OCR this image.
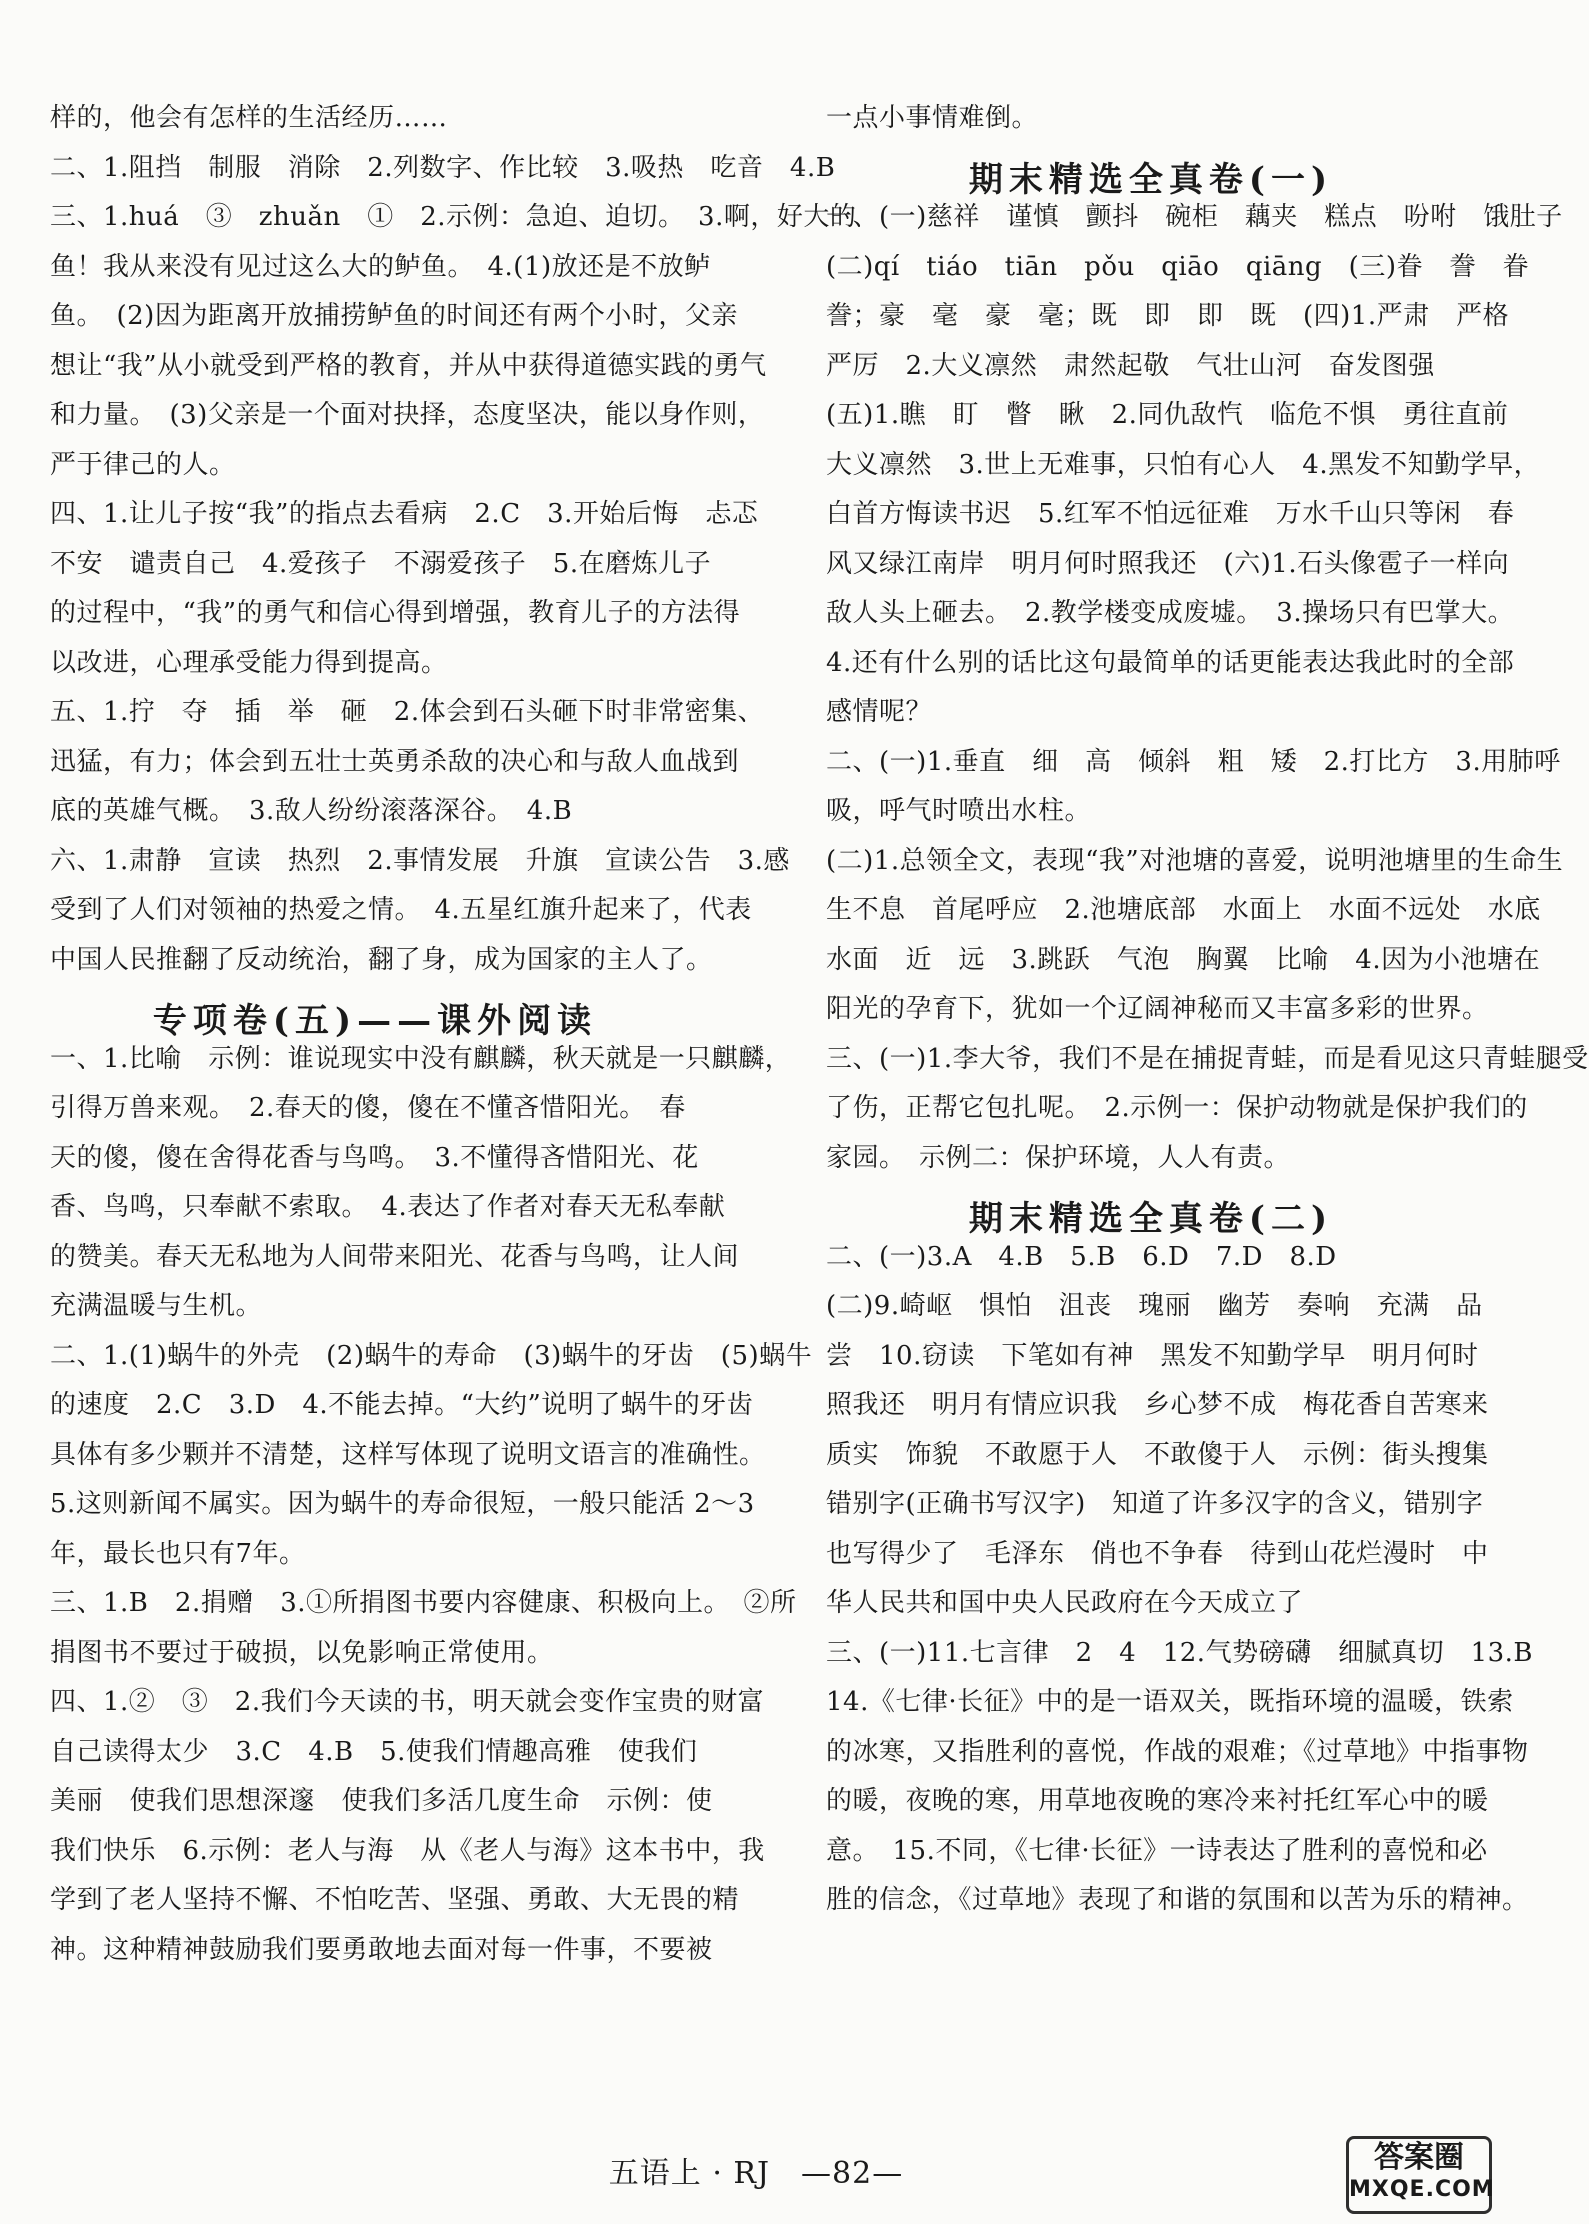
样的，他会有怎样的生活经历……
二、1.阻挡　制服　消除　2.列数字、作比较　3.吸热　吃音　4.B
三、1.huá　③　zhuǎn　①　2.示例：急迫、迫切。　3.啊，好大的
鱼！我从来没有见过这么大的鲈鱼。　4.(1)放还是不放鲈
鱼。　(2)因为距离开放捕捞鲈鱼的时间还有两个小时，父亲
想让“我”从小就受到严格的教育，并从中获得道德实践的勇气
和力量。　(3)父亲是一个面对抉择，态度坚决，能以身作则，
严于律己的人。
四、1.让儿子按“我”的指点去看病　2.C　3.开始后悔　忐忑
不安　谴责自己　4.爱孩子　不溺爱孩子　5.在磨炼儿子
的过程中，“我”的勇气和信心得到增强，教育儿子的方法得
以改进，心理承受能力得到提高。
五、1.拧　夺　插　举　砸　2.体会到石头砸下时非常密集、
迅猛，有力；体会到五壮士英勇杀敌的决心和与敌人血战到
底的英雄气概。　3.敌人纷纷滚落深谷。　4.B
六、1.肃静　宣读　热烈　2.事情发展　升旗　宣读公告　3.感
受到了人们对领袖的热爱之情。　4.五星红旗升起来了，代表
中国人民推翻了反动统治，翻了身，成为国家的主人了。
专项卷(五)——课外阅读
一、1.比喻　示例：谁说现实中没有麒麟，秋天就是一只麒麟，
引得万兽来观。　2.春天的傻，傻在不懂吝惜阳光。　春
天的傻，傻在舍得花香与鸟鸣。　3.不懂得吝惜阳光、花
香、鸟鸣，只奉献不索取。　4.表达了作者对春天无私奉献
的赞美。春天无私地为人间带来阳光、花香与鸟鸣，让人间
充满温暖与生机。
二、1.(1)蜗牛的外壳　(2)蜗牛的寿命　(3)蜗牛的牙齿　(5)蜗牛
的速度　2.C　3.D　4.不能去掉。“大约”说明了蜗牛的牙齿
具体有多少颗并不清楚，这样写体现了说明文语言的准确性。
5.这则新闻不属实。因为蜗牛的寿命很短，一般只能活 2～3
年，最长也只有7年。
三、1.B　2.捐赠　3.①所捐图书要内容健康、积极向上。　②所
捐图书不要过于破损，以免影响正常使用。
四、1.②　③　2.我们今天读的书，明天就会变作宝贵的财富
自己读得太少　3.C　4.B　5.使我们情趣高雅　使我们
美丽　使我们思想深邃　使我们多活几度生命　示例：使
我们快乐　6.示例：老人与海　从《老人与海》这本书中，我
学到了老人坚持不懈、不怕吃苦、坚强、勇敢、大无畏的精
神。这种精神鼓励我们要勇敢地去面对每一件事，不要被
一点小事情难倒。
期末精选全真卷(一)
一、(一)慈祥　谨慎　颤抖　碗柜　藕夹　糕点　吩咐　饿肚子
(二)qí　tiáo　tiān　pǒu　qiāo　qiāng　(三)眷　誊　眷
誊；豪　毫　豪　毫；既　即　即　既　(四)1.严肃　严格
严厉　2.大义凛然　肃然起敬　气壮山河　奋发图强
(五)1.瞧　盯　瞥　瞅　2.同仇敌忾　临危不惧　勇往直前
大义凛然　3.世上无难事，只怕有心人　4.黑发不知勤学早，
白首方悔读书迟　5.红军不怕远征难　万水千山只等闲　春
风又绿江南岸　明月何时照我还　(六)1.石头像雹子一样向
敌人头上砸去。　2.教学楼变成废墟。　3.操场只有巴掌大。
4.还有什么别的话比这句最简单的话更能表达我此时的全部
感情呢？
二、(一)1.垂直　细　高　倾斜　粗　矮　2.打比方　3.用肺呼
吸，呼气时喷出水柱。
(二)1.总领全文，表现“我”对池塘的喜爱，说明池塘里的生命生
生不息　首尾呼应　2.池塘底部　水面上　水面不远处　水底
水面　近　远　3.跳跃　气泡　胸翼　比喻　4.因为小池塘在
阳光的孕育下，犹如一个辽阔神秘而又丰富多彩的世界。
三、(一)1.李大爷，我们不是在捕捉青蛙，而是看见这只青蛙腿受
了伤，正帮它包扎呢。　2.示例一：保护动物就是保护我们的
家园。　示例二：保护环境，人人有责。
期末精选全真卷(二)
二、(一)3.A　4.B　5.B　6.D　7.D　8.D
(二)9.崎岖　惧怕　沮丧　瑰丽　幽芳　奏响　充满　品
尝　10.窃读　下笔如有神　黑发不知勤学早　明月何时
照我还　明月有情应识我　乡心梦不成　梅花香自苦寒来
质实　饰貌　不敢愿于人　不敢傻于人　示例：街头搜集
错别字(正确书写汉字)　知道了许多汉字的含义，错别字
也写得少了　毛泽东　俏也不争春　待到山花烂漫时　中
华人民共和国中央人民政府在今天成立了
三、(一)11.七言律　2　4　12.气势磅礴　细腻真切　13.B
14.《七律·长征》中的是一语双关，既指环境的温暖，铁索
的冰寒，又指胜利的喜悦，作战的艰难；《过草地》中指事物
的暖，夜晚的寒，用草地夜晚的寒冷来衬托红军心中的暖
意。　15.不同，《七律·长征》一诗表达了胜利的喜悦和必
胜的信念，《过草地》表现了和谐的氛围和以苦为乐的精神。
五语上 · RJ　—82—	答案圈
MXQE.COM
